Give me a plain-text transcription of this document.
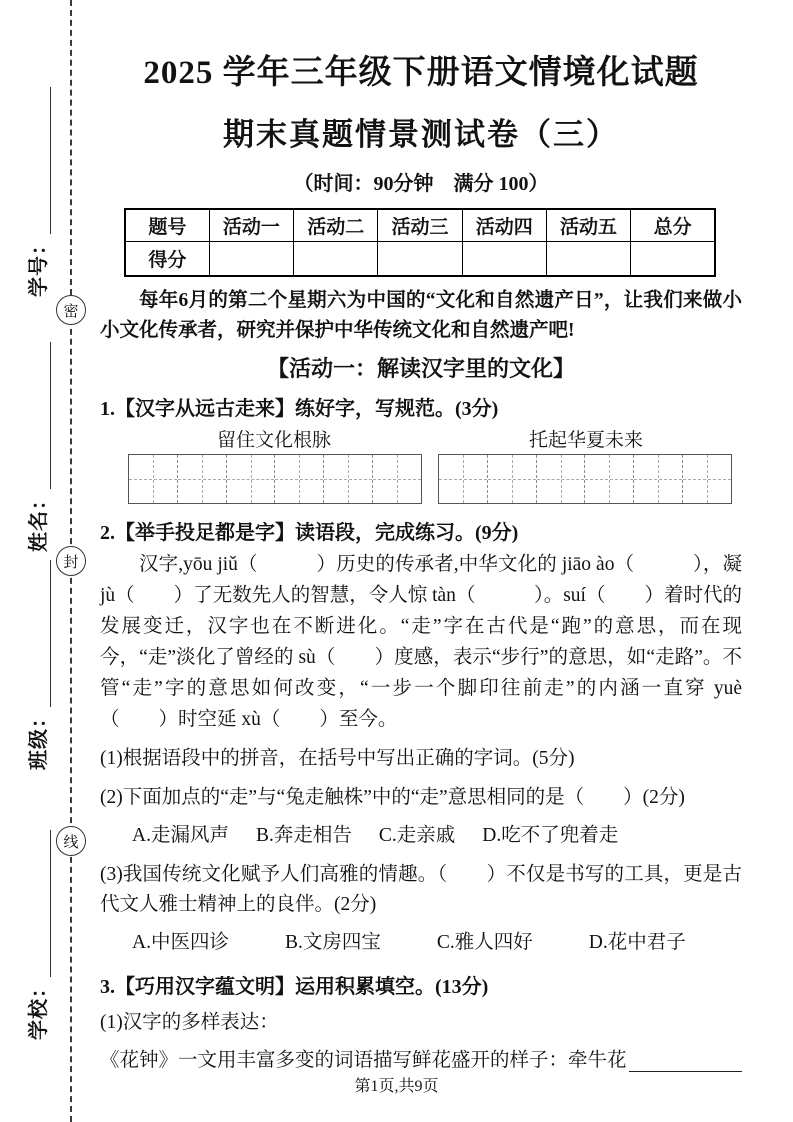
学号：
姓名：
班级：
学校：
密
封
线
2025 学年三年级下册语文情境化试题
期末真题情景测试卷（三）
（时间：90分钟　满分 100）
题号	活动一	活动二	活动三	活动四	活动五	总分
得分						
每年6月的第二个星期六为中国的“文化和自然遗产日”，让我们来做小小文化传承者，研究并保护中华传统文化和自然遗产吧!
【活动一：解读汉字里的文化】
1.【汉字从远古走来】练好字，写规范。(3分)
留住文化根脉	托起华夏未来
2.【举手投足都是字】读语段，完成练习。(9分)
汉字,yōu jiǔ（　　　）历史的传承者,中华文化的 jiāo ào（　　　），凝 jù（　　）了无数先人的智慧，令人惊 tàn（　　　）。suí（　　）着时代的发展变迁，汉字也在不断进化。“走”字在古代是“跑”的意思，而在现今，“走”淡化了曾经的 sù（　　）度感，表示“步行”的意思，如“走路”。不管“走”字的意思如何改变，“一步一个脚印往前走”的内涵一直穿 yuè（　　）时空延 xù（　　）至今。
(1)根据语段中的拼音，在括号中写出正确的字词。(5分)
(2)下面加点的“走”与“兔走触株”中的“走”意思相同的是（　　）(2分)
A.走漏风声 B.奔走相告 C.走亲戚 D.吃不了兜着走
(3)我国传统文化赋予人们高雅的情趣。（　　）不仅是书写的工具，更是古代文人雅士精神上的良伴。(2分)
A.中医四诊	B.文房四宝	C.雅人四好	D.花中君子
3.【巧用汉字蕴文明】运用积累填空。(13分)
(1)汉字的多样表达：
《花钟》一文用丰富多变的词语描写鲜花盛开的样子：牵牛花
第1页,共9页
